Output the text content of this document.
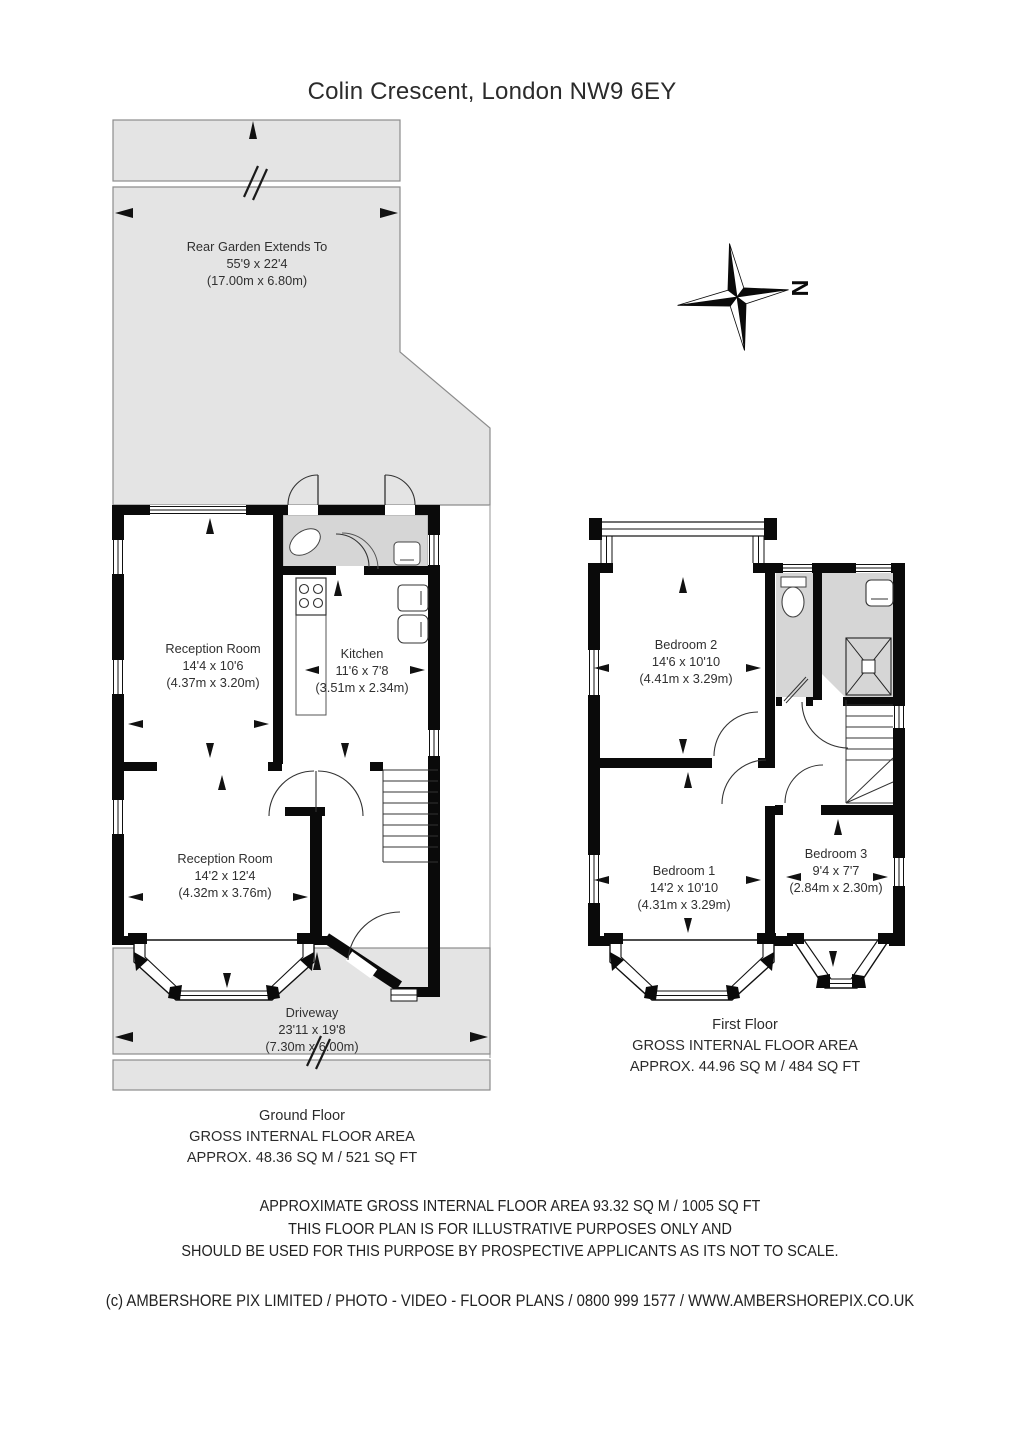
N
Colin Crescent, London NW9 6EY
Rear Garden Extends To
55'9 x 22'4
(17.00m x 6.80m)
Reception Room
14'4 x 10'6
(4.37m x 3.20m)
Kitchen
11'6 x 7'8
(3.51m x 2.34m)
Reception Room
14'2 x 12'4
(4.32m x 3.76m)
Driveway
23'11 x 19'8
(7.30m x 6.00m)
Bedroom 2
14'6 x 10'10
(4.41m x 3.29m)
Bedroom 1
14'2 x 10'10
(4.31m x 3.29m)
Bedroom 3
9'4 x 7'7
(2.84m x 2.30m)
Ground Floor
GROSS INTERNAL FLOOR AREA
APPROX. 48.36 SQ M / 521 SQ FT
First Floor
GROSS INTERNAL FLOOR AREA
APPROX. 44.96 SQ M / 484 SQ FT
APPROXIMATE GROSS INTERNAL FLOOR AREA 93.32 SQ M / 1005 SQ FT
THIS FLOOR PLAN IS FOR ILLUSTRATIVE PURPOSES ONLY AND
SHOULD BE USED FOR THIS PURPOSE BY PROSPECTIVE APPLICANTS AS ITS NOT TO SCALE.
(c) AMBERSHORE PIX LIMITED / PHOTO - VIDEO - FLOOR PLANS / 0800 999 1577 / WWW.AMBERSHOREPIX.CO.UK
